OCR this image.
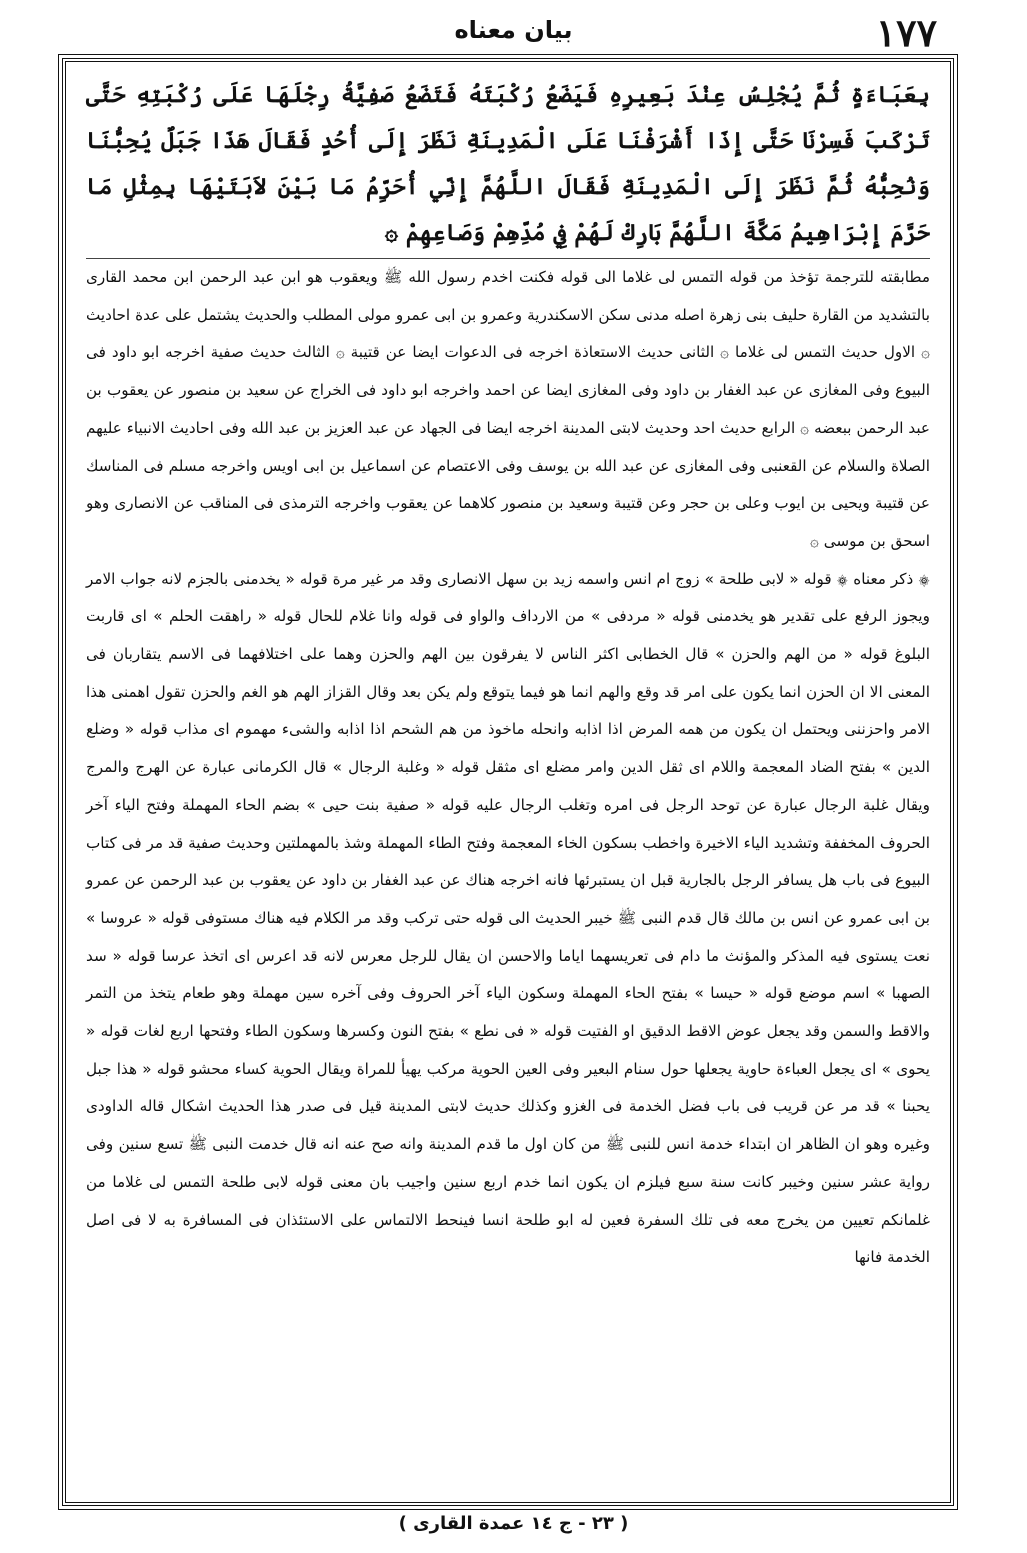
١٧٧
بيان معناه

بِعَبَاءَةٍ ثُمَّ يُجْلِسُ عِنْدَ بَعِيرِهِ فَيَضَعُ رُكْبَتَهُ فَتَضَعُ صَفِيَّةُ رِجْلَهَا عَلَى رُكْبَتِهِ حَتَّى تَرْكَبَ فَسِرْنَا حَتَّى إِذَا أَشْرَفْنَا عَلَى الْمَدِينَةِ نَظَرَ إِلَى أُحُدٍ فَقَالَ هَذَا جَبَلٌ يُحِبُّنَا وَنُحِبُّهُ ثُمَّ نَظَرَ إِلَى الْمَدِينَةِ فَقَالَ اللَّهُمَّ إِنِّي أُحَرِّمُ مَا بَيْنَ لاَبَتَيْهَا بِمِثْلِ مَا حَرَّمَ إِبْرَاهِيمُ مَكَّةَ اللَّهُمَّ بَارِكْ لَهُمْ فِي مُدِّهِمْ وَصَاعِهِمْ ۞

مطابقته للترجمة تؤخذ من قوله التمس لى غلاما الى قوله فكنت اخدم رسول الله ﷺ ويعقوب هو ابن عبد الرحمن ابن محمد القارى بالتشديد من القارة حليف بنى زهرة اصله مدنى سكن الاسكندرية وعمرو بن ابى عمرو مولى المطلب والحديث يشتمل على عدة احاديث ۞ الاول حديث التمس لى غلاما ۞ الثانى حديث الاستعاذة اخرجه فى الدعوات ايضا عن قتيبة ۞ الثالث حديث صفية اخرجه ابو داود فى البيوع وفى المغازى عن عبد الغفار بن داود وفى المغازى ايضا عن احمد واخرجه ابو داود فى الخراج عن سعيد بن منصور عن يعقوب بن عبد الرحمن ببعضه ۞ الرابع حديث احد وحديث لابتى المدينة اخرجه ايضا فى الجهاد عن عبد العزيز بن عبد الله وفى احاديث الانبياء عليهم الصلاة والسلام عن القعنبى وفى المغازى عن عبد الله بن يوسف وفى الاعتصام عن اسماعيل بن ابى اويس واخرجه مسلم فى المناسك عن قتيبة ويحيى بن ايوب وعلى بن حجر وعن قتيبة وسعيد بن منصور كلاهما عن يعقوب واخرجه الترمذى فى المناقب عن الانصارى وهو اسحق بن موسى ۞

۞ ذكر معناه ۞ قوله « لابى طلحة » زوج ام انس واسمه زيد بن سهل الانصارى وقد مر غير مرة قوله « يخدمنى بالجزم لانه جواب الامر ويجوز الرفع على تقدير هو يخدمنى قوله « مردفى » من الارداف والواو فى قوله وانا غلام للحال قوله « راهقت الحلم » اى قاربت البلوغ قوله « من الهم والحزن » قال الخطابى اكثر الناس لا يفرقون بين الهم والحزن وهما على اختلافهما فى الاسم يتقاربان فى المعنى الا ان الحزن انما يكون على امر قد وقع والهم انما هو فيما يتوقع ولم يكن بعد وقال القزاز الهم هو الغم والحزن تقول اهمنى هذا الامر واحزننى ويحتمل ان يكون من همه المرض اذا اذابه وانحله ماخوذ من هم الشحم اذا اذابه والشىء مهموم اى مذاب قوله « وضلع الدين » بفتح الضاد المعجمة واللام اى ثقل الدين وامر مضلع اى مثقل قوله « وغلبة الرجال » قال الكرمانى عبارة عن الهرج والمرج ويقال غلبة الرجال عبارة عن توحد الرجل فى امره وتغلب الرجال عليه قوله « صفية بنت حيى » بضم الحاء المهملة وفتح الياء آخر الحروف المخففة وتشديد الياء الاخيرة واخطب بسكون الخاء المعجمة وفتح الطاء المهملة وشذ بالمهملتين وحديث صفية قد مر فى كتاب البيوع فى باب هل يسافر الرجل بالجارية قبل ان يستبرئها فانه اخرجه هناك عن عبد الغفار بن داود عن يعقوب بن عبد الرحمن عن عمرو بن ابى عمرو عن انس بن مالك قال قدم النبى ﷺ خيبر الحديث الى قوله حتى تركب وقد مر الكلام فيه هناك مستوفى قوله « عروسا » نعت يستوى فيه المذكر والمؤنث ما دام فى تعريسهما اياما والاحسن ان يقال للرجل معرس لانه قد اعرس اى اتخذ عرسا قوله « سد الصهبا » اسم موضع قوله « حيسا » بفتح الحاء المهملة وسكون الياء آخر الحروف وفى آخره سين مهملة وهو طعام يتخذ من التمر والاقط والسمن وقد يجعل عوض الاقط الدقيق او الفتيت قوله « فى نطع » بفتح النون وكسرها وسكون الطاء وفتحها اربع لغات قوله « يحوى » اى يجعل العباءة حاوية يجعلها حول سنام البعير وفى العين الحوية مركب يهيأ للمراة ويقال الحوية كساء محشو قوله « هذا جبل يحبنا » قد مر عن قريب فى باب فضل الخدمة فى الغزو وكذلك حديث لابتى المدينة قيل فى صدر هذا الحديث اشكال قاله الداودى وغيره وهو ان الظاهر ان ابتداء خدمة انس للنبى ﷺ من كان اول ما قدم المدينة وانه صح عنه انه قال خدمت النبى ﷺ تسع سنين وفى رواية عشر سنين وخيبر كانت سنة سبع فيلزم ان يكون انما خدم اربع سنين واجيب بان معنى قوله لابى طلحة التمس لى غلاما من غلمانكم تعيين من يخرج معه فى تلك السفرة فعين له ابو طلحة انسا فينحط الالتماس على الاستئذان فى المسافرة به لا فى اصل الخدمة فانها

( ٢٣ - ج ١٤ عمدة القارى )
